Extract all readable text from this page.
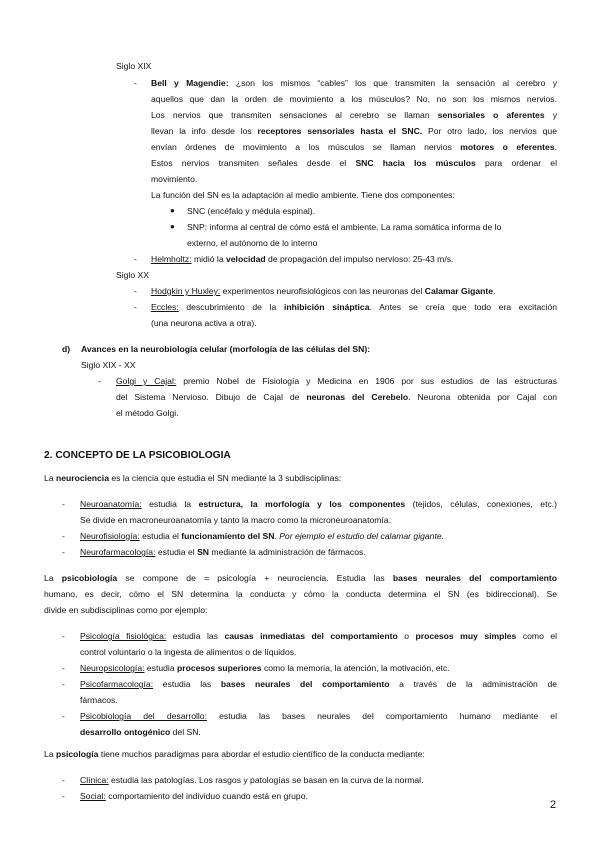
Siglo XIX
- Bell y Magendie: ¿son los mismos “cables” los que transmiten la sensación al cerebro y
aquellos que dan la orden de movimiento a los músculos? No, no son los mismos nervios.
Los nervios que transmiten sensaciones al cerebro se llaman sensoriales o aferentes y
llevan la info desde los receptores sensoriales hasta el SNC. Por otro lado, los nervios que
envían órdenes de movimiento a los músculos se llaman nervios motores o eferentes.
Estos nervios transmiten señales desde el SNC hacia los músculos para ordenar el
movimiento.
La función del SN es la adaptación al medio ambiente. Tiene dos componentes:
● SNC (encéfalo y médula espinal).
● SNP: informa al central de cómo está el ambiente. La rama somática informa de lo
externo, el autónomo de lo interno
- Helmholtz: midió la velocidad de propagación del impulso nervioso: 25-43 m/s.
Siglo XX
- Hodgkin y Huxley: experimentos neurofisiológicos con las neuronas del Calamar Gigante.
- Eccles: descubrimiento de la inhibición sináptica. Antes se creía que todo era excitación
(una neurona activa a otra).
d) Avances en la neurobiología celular (morfología de las células del SN):
Siglo XIX - XX
- Golgi y Cajal: premio Nobel de Fisiología y Medicina en 1906 por sus estudios de las estructuras
del Sistema Nervioso. Dibujo de Cajal de neuronas del Cerebelo. Neurona obtenida por Cajal con
el método Golgi.
2. CONCEPTO DE LA PSICOBIOLOGIA
La neurociencia es la ciencia que estudia el SN mediante la 3 subdisciplinas:
- Neuroanatomía: estudia la estructura, la morfología y los componentes (tejidos, células, conexiones, etc.)
Se divide en macroneuroanatomía y tanto la macro como la microneuroanatomía.
- Neurofisiología: estudia el funcionamiento del SN. Por ejemplo el estudio del calamar gigante.
- Neurofarmacología: estudia el SN mediante la administración de fármacos.
La psicobiología se compone de = psicología + neurociencia. Estudia las bases neurales del comportamiento
humano, es decir, cómo el SN determina la conducta y cómo la conducta determina el SN (es bidireccional). Se
divide en subdisciplinas como por ejemplo:
- Psicología fisiológica: estudia las causas inmediatas del comportamiento o procesos muy simples como el
control voluntario o la ingesta de alimentos o de líquidos.
- Neuropsicología: estudia procesos superiores como la memoria, la atención, la motivación, etc.
- Psicofarmacología: estudia las bases neurales del comportamiento a través de la administración de
fármacos.
- Psicobiología del desarrollo: estudia las bases neurales del comportamiento humano mediante el
desarrollo ontogénico del SN.
La psicología tiene muchos paradigmas para abordar el estudio científico de la conducta mediante:
- Clínica: estudia las patologías. Los rasgos y patologías se basan en la curva de la normal.
- Social: comportamiento del individuo cuando está en grupo.
2
